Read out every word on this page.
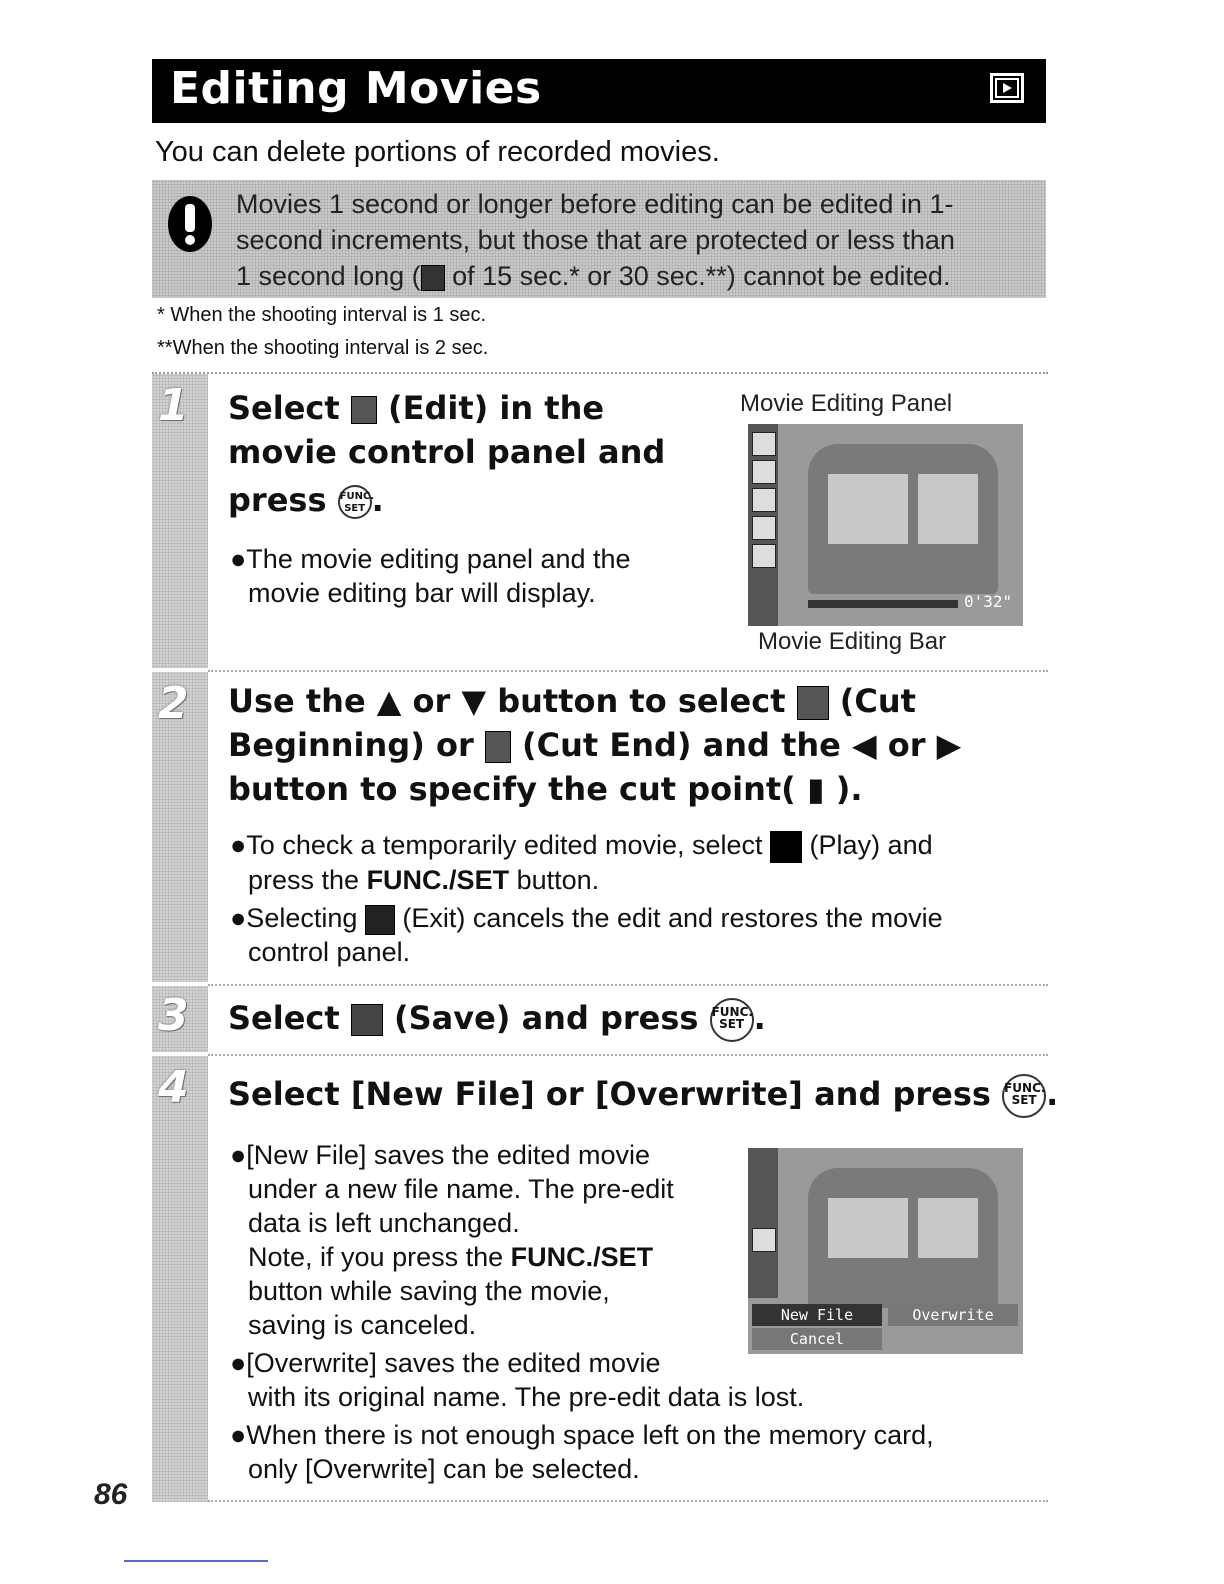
Editing Movies
You can delete portions of recorded movies.
Movies 1 second or longer before editing can be edited in 1-
second increments, but those that are protected or less than
1 second long ( of 15 sec.* or 30 sec.**) cannot be edited.
* When the shooting interval is 1 sec.
**When the shooting interval is 2 sec.
1
2
3
4
Select  (Edit) in the
movie control panel and
press FUNC.
SET .
●The movie editing panel and the
movie editing bar will display.
Movie Editing Panel
0'32"
Movie Editing Bar
Use the ▲ or ▼ button to select  (Cut
Beginning) or  (Cut End) and the ◀ or ▶
button to specify the cut point( ▮ ).
●To check a temporarily edited movie, select  (Play) and
press the FUNC./SET button.
●Selecting  (Exit) cancels the edit and restores the movie
control panel.
Select  (Save) and press FUNC.
SET .
Select [New File] or [Overwrite] and press FUNC.
SET .
●[New File] saves the edited movie
under a new file name. The pre-edit
data is left unchanged.
Note, if you press the FUNC./SET
button while saving the movie,
saving is canceled.
●[Overwrite] saves the edited movie
with its original name. The pre-edit data is lost.
●When there is not enough space left on the memory card,
only [Overwrite] can be selected.
New File	Overwrite
Cancel
86
